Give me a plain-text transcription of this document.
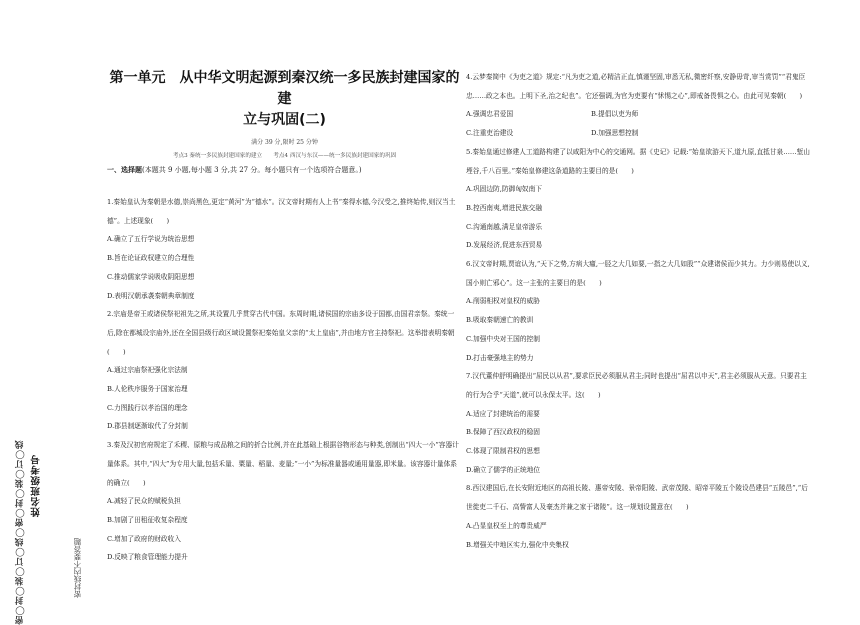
密◯封◯装◯订◯线◯密◯封◯装◯订◯线 姓名班级考号
密封线内不要答题
第一单元　从中华文明起源到秦汉统一多民族封建国家的建
立与巩固(二)
满分 39 分,限时 25 分钟
考点3 秦统一多民族封建国家的建立　　考点4 西汉与东汉——统一多民族封建国家的巩固
一、选择题(本题共 9 小题,每小题 3 分,共 27 分。每小题只有一个选项符合题意。)

1.秦始皇认为秦朝是水德,崇尚黑色,更定“黄河”为“德水”。汉文帝时期有人上书“秦得水德,今汉受之,推终始传,则汉当土德”。上述现象(　　)

A.确立了五行学说为统治思想

B.旨在论证政权建立的合理性

C.推动儒家学说吸收阴阳思想

D.表明汉朝承袭秦朝典章制度

2.宗庙是帝王或诸侯祭祀祖先之所,其设置几乎贯穿古代中国。东周时期,诸侯国的宗庙多设于国都,由国君亲祭。秦统一后,除在都城设宗庙外,还在全国县级行政区域设置祭祀秦始皇父亲的“太上皇庙”,并由地方官主持祭祀。这举措表明秦朝(　　)

A.通过宗庙祭祀强化宗法制

B.人伦秩序服务于国家治理

C.力图践行以孝治国的理念

D.郡县制逐渐取代了分封制

3.秦及汉初官府规定了禾稷、原粮与成品粮之间的折合比例,并在此基础上根据谷物形态与种类,创制出“四大一小”容器计量体系。其中,“四大”为专用大量,包括禾量、粟量、稻量、麦量;“一小”为标准量器或通用量器,即米量。该容器计量体系的确立(　　)

A.减轻了民众的赋税负担

B.加剧了田租征收复杂程度

C.增加了政府的财政收入

D.反映了粮食管理能力提升

4.云梦秦简中《为吏之道》规定:“凡为吏之道,必精洁正直,慎谨坚固,审悉无私,微密纤察,安静毋苛,审当赏罚”“君鬼臣忠……政之本也。上明下圣,治之纪也”。它还强调,为官为吏要有“怵惕之心”,即戒备畏惧之心。由此可见秦朝(　　)

A.强调忠君爱国	B.提倡以吏为师

C.注重吏治建设	D.加强思想控制

5.秦始皇通过修建人工道路构建了以咸阳为中心的交通网。据《史记》记载:“始皇欲游天下,道九原,直抵甘泉……堑山堙谷,千八百里。”秦始皇修建这条道路的主要目的是(　　)

A.巩固边防,防御匈奴南下

B.控西南夷,增进民族交融

C.沟通南越,满足皇帝游乐

D.发展经济,促进东西贸易

6.汉文帝时期,贾谊认为,“天下之势,方病大瘇,一胫之大几如要,一指之大几如股”“众建诸侯而少其力。力少则易使以义,国小则亡邪心”。这一主张的主要目的是(　　)

A.削弱相权对皇权的威胁

B.吸取秦朝速亡的教训

C.加强中央对王国的控制

D.打击豪强地主的势力

7.汉代董仲舒明确提出“屈民以从君”,要求臣民必须服从君主;同时也提出“屈君以申天”,君主必须服从天意。只要君主的行为合乎“天道”,就可以永保太平。这(　　)

A.适应了封建统治的需要

B.保障了西汉政权的稳固

C.体现了限制君权的思想

D.确立了儒学的正统地位

8.西汉建国后,在长安附近地区的高祖长陵、惠帝安陵、景帝阳陵、武帝茂陵、昭帝平陵五个陵设邑建县“五陵邑”,“后世徙吏二千石、高訾富人及豪杰并兼之家于诸陵”。这一规划设置意在(　　)

A.凸显皇权至上的尊贵威严

B.增强关中地区实力,强化中央集权
